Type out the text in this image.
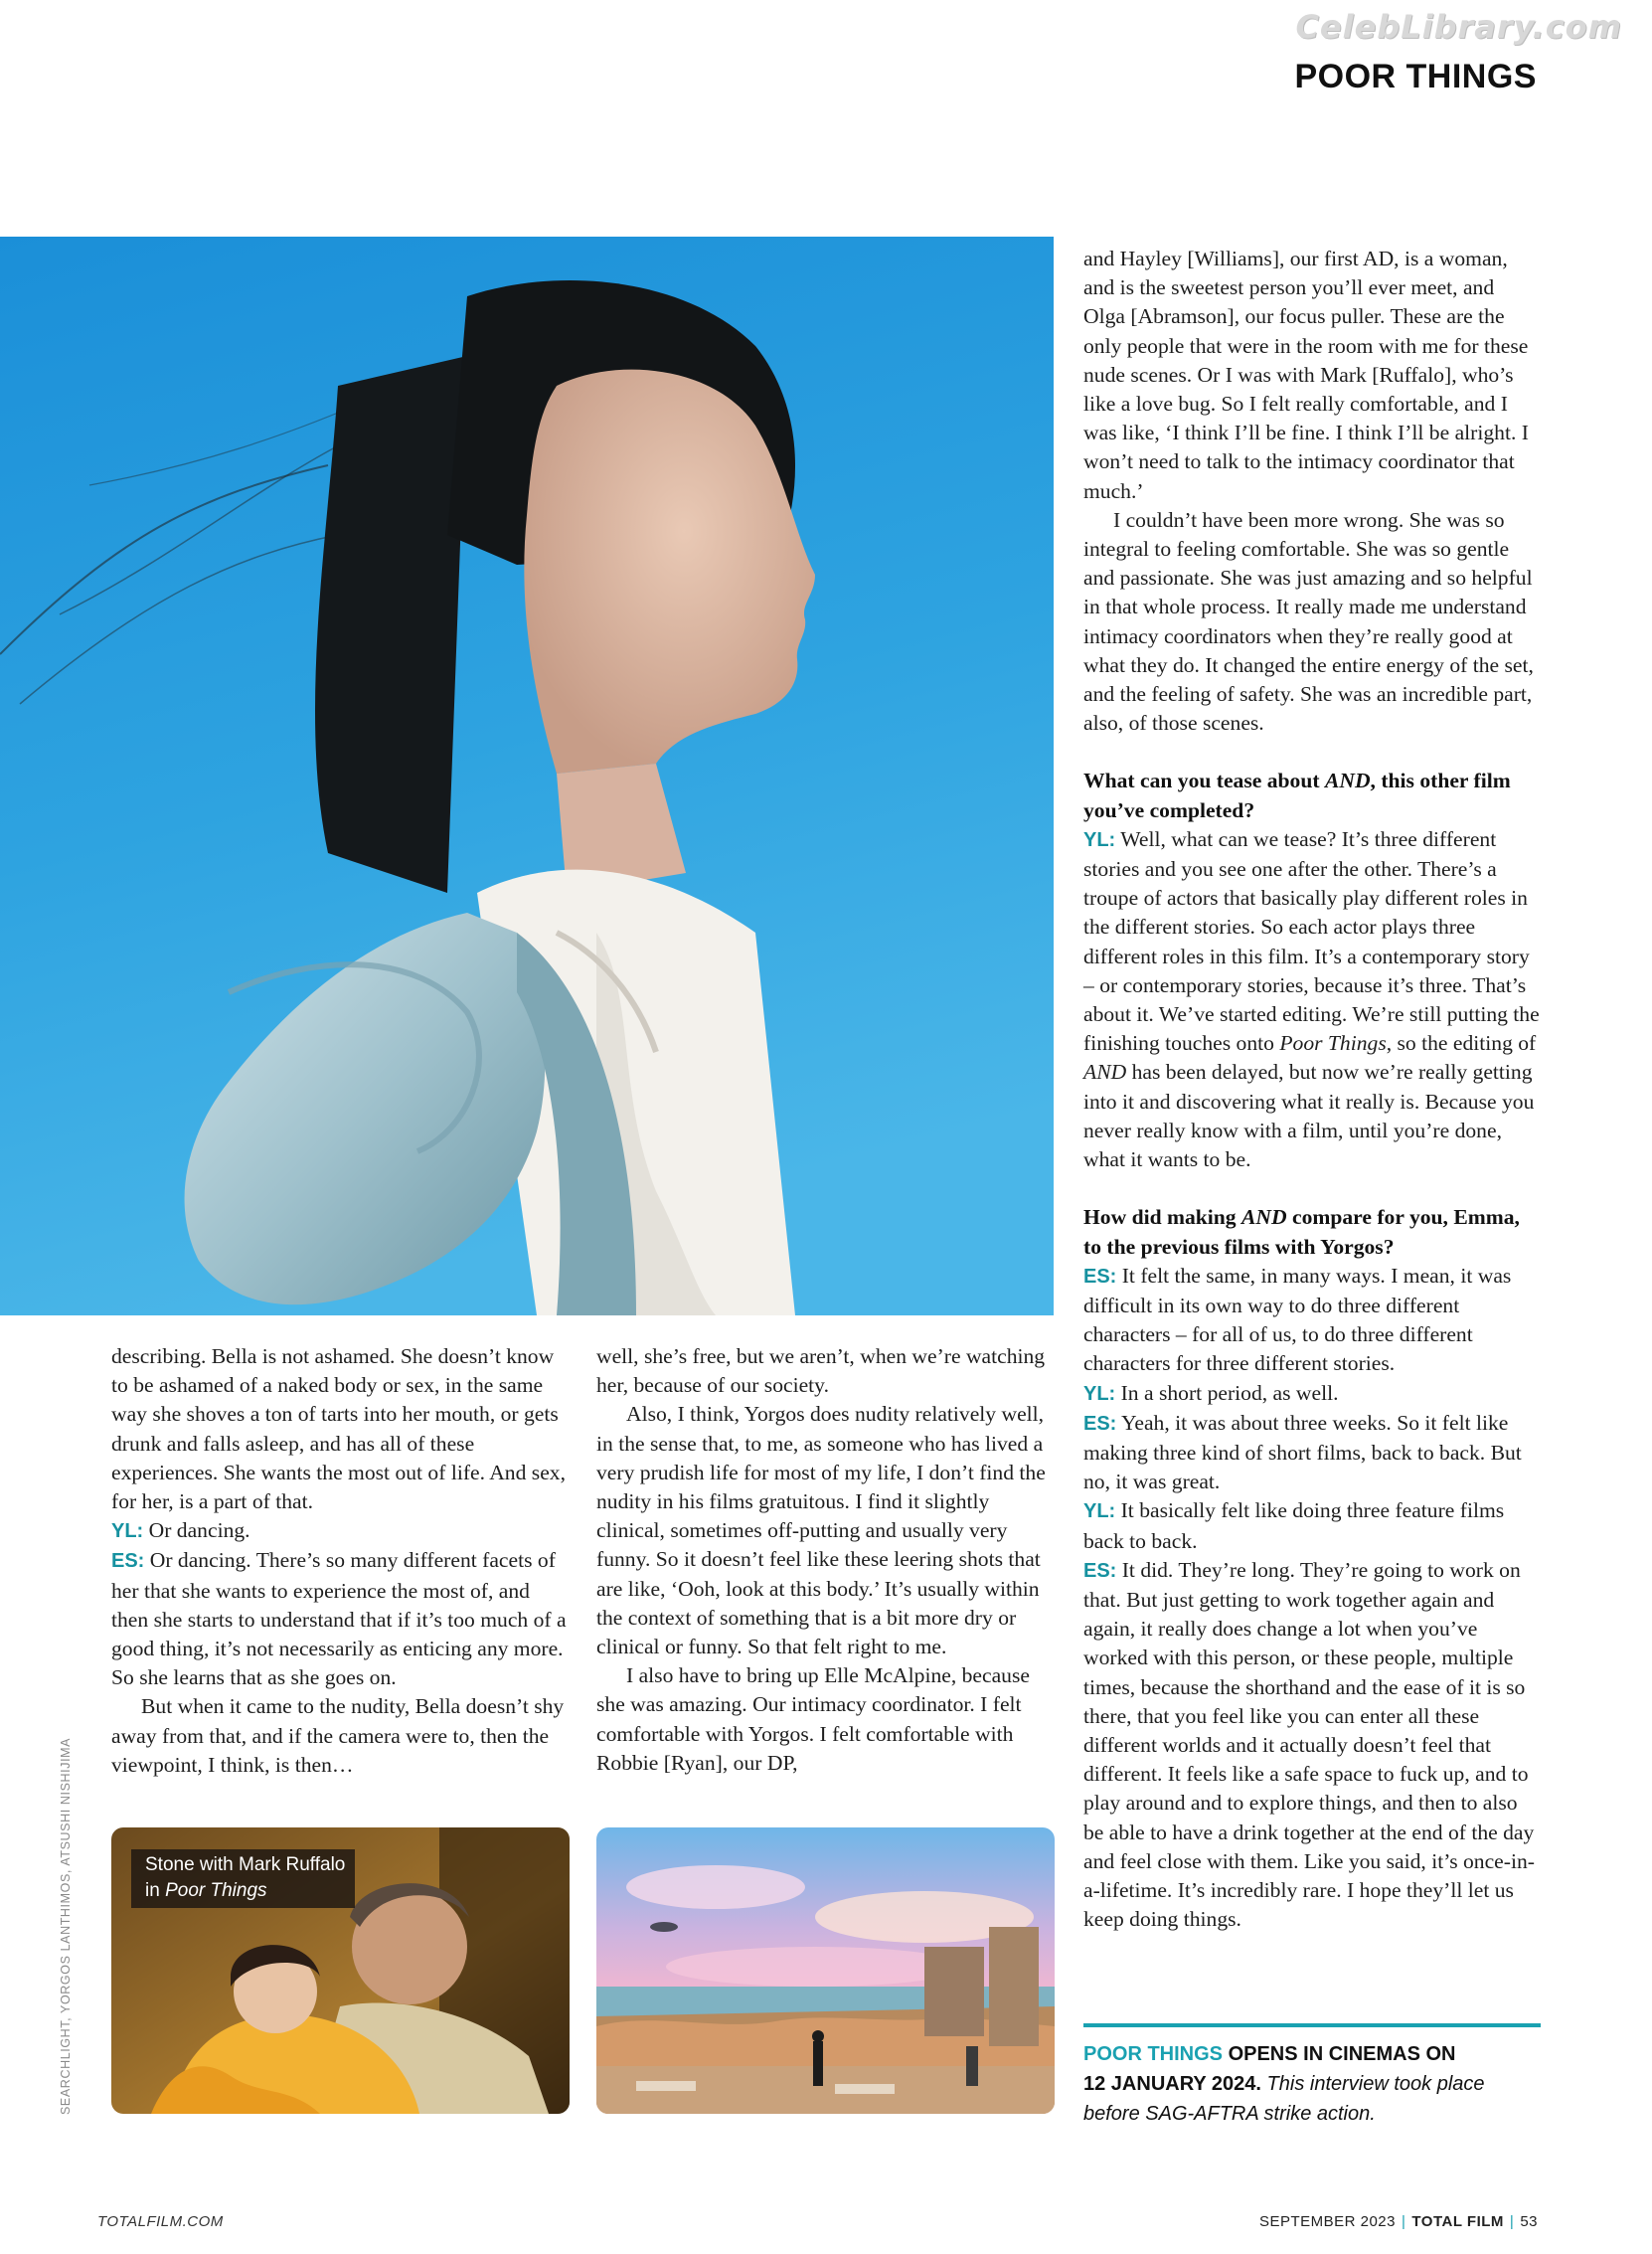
CelebLibrary.com
POOR THINGS

and Hayley [Williams], our first AD, is a woman, and is the sweetest person you’ll ever meet, and Olga [Abramson], our focus puller. These are the only people that were in the room with me for these nude scenes. Or I was with Mark [Ruffalo], who’s like a love bug. So I felt really comfortable, and I was like, ‘I think I’ll be fine. I think I’ll be alright. I won’t need to talk to the intimacy coordinator that much.’

I couldn’t have been more wrong. She was so integral to feeling comfortable. She was so gentle and passionate. She was just amazing and so helpful in that whole process. It really made me understand intimacy coordinators when they’re really good at what they do. It changed the entire energy of the set, and the feeling of safety. She was an incredible part, also, of those scenes.

What can you tease about AND, this other film you’ve completed?

YL: Well, what can we tease? It’s three different stories and you see one after the other. There’s a troupe of actors that basically play different roles in the different stories. So each actor plays three different roles in this film. It’s a contemporary story – or contemporary stories, because it’s three. That’s about it. We’ve started editing. We’re still putting the finishing touches onto Poor Things, so the editing of AND has been delayed, but now we’re really getting into it and discovering what it really is. Because you never really know with a film, until you’re done, what it wants to be.

How did making AND compare for you, Emma, to the previous films with Yorgos?

ES: It felt the same, in many ways. I mean, it was difficult in its own way to do three different characters – for all of us, to do three different characters for three different stories.

YL: In a short period, as well.

ES: Yeah, it was about three weeks. So it felt like making three kind of short films, back to back. But no, it was great.

YL: It basically felt like doing three feature films back to back.

ES: It did. They’re long. They’re going to work on that. But just getting to work together again and again, it really does change a lot when you’ve worked with this person, or these people, multiple times, because the shorthand and the ease of it is so there, that you feel like you can enter all these different worlds and it actually doesn’t feel that different. It feels like a safe space to fuck up, and to play around and to explore things, and then to also be able to have a drink together at the end of the day and feel close with them. Like you said, it’s once-in-a-lifetime. It’s incredibly rare. I hope they’ll let us keep doing things.

describing. Bella is not ashamed. She doesn’t know to be ashamed of a naked body or sex, in the same way she shoves a ton of tarts into her mouth, or gets drunk and falls asleep, and has all of these experiences. She wants the most out of life. And sex, for her, is a part of that.

YL: Or dancing.

ES: Or dancing. There’s so many different facets of her that she wants to experience the most of, and then she starts to understand that if it’s too much of a good thing, it’s not necessarily as enticing any more. So she learns that as she goes on.

But when it came to the nudity, Bella doesn’t shy away from that, and if the camera were to, then the viewpoint, I think, is then…

well, she’s free, but we aren’t, when we’re watching her, because of our society.

Also, I think, Yorgos does nudity relatively well, in the sense that, to me, as someone who has lived a very prudish life for most of my life, I don’t find the nudity in his films gratuitous. I find it slightly clinical, sometimes off-putting and usually very funny. So it doesn’t feel like these leering shots that are like, ‘Ooh, look at this body.’ It’s usually within the context of something that is a bit more dry or clinical or funny. So that felt right to me.

I also have to bring up Elle McAlpine, because she was amazing. Our intimacy coordinator. I felt comfortable with Yorgos. I felt comfortable with Robbie [Ryan], our DP,

SEARCHLIGHT, YORGOS LANTHIMOS, ATSUSHI NISHIJIMA	Stone with Mark Ruffalo
in Poor Things
POOR THINGS OPENS IN CINEMAS ON
12 JANUARY 2024. This interview took place before SAG-AFTRA strike action.
TOTALFILM.COM	SEPTEMBER 2023 | TOTAL FILM | 53
